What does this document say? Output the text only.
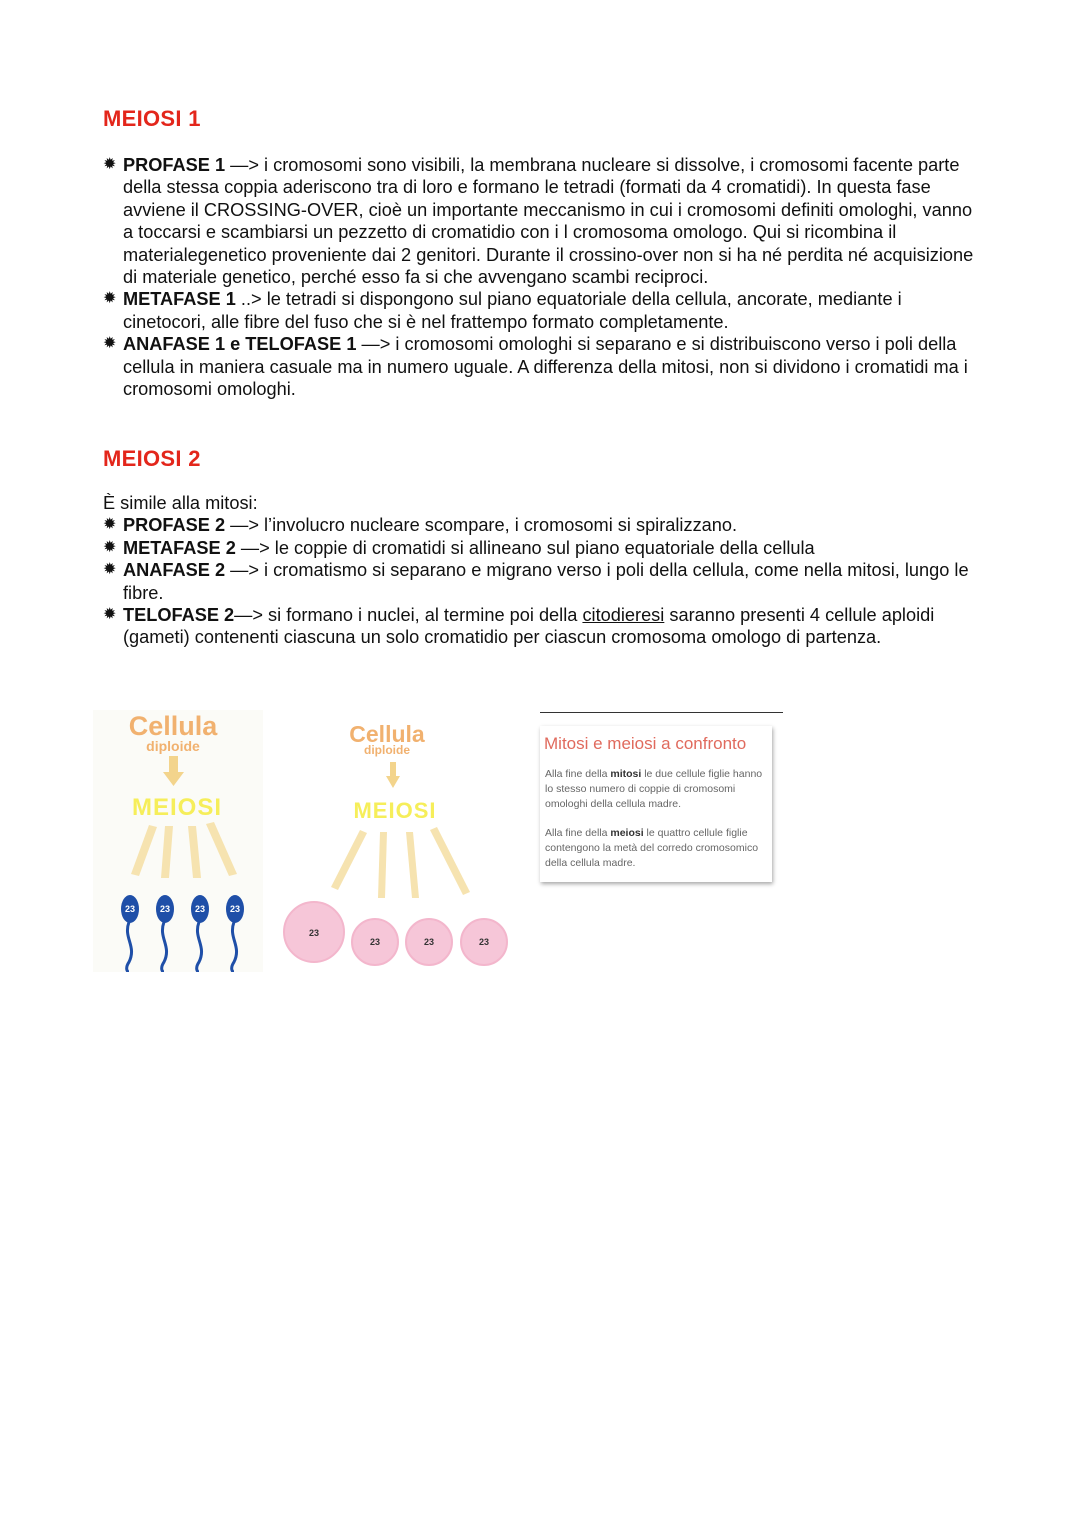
MEIOSI 1
✹ PROFASE 1 —> i cromosomi sono visibili, la membrana nucleare si dissolve, i cromosomi facente parte della stessa coppia aderiscono tra di loro e formano le tetradi (formati da 4 cromatidi). In questa fase avviene il CROSSING-OVER, cioè un importante meccanismo in cui i cromosomi definiti omologhi, vanno a toccarsi e scambiarsi un pezzetto di cromatidio con i l cromosoma omologo. Qui si ricombina il materialegenetico proveniente dai 2 genitori. Durante il crossino-over non si ha né perdita né acquisizione di materiale genetico, perché esso fa si che avvengano scambi reciproci.
✹ METAFASE 1 ..> le tetradi si dispongono sul piano equatoriale della cellula, ancorate, mediante i cinetocori, alle fibre del fuso che si è nel frattempo formato completamente.
✹ ANAFASE 1 e TELOFASE 1 —> i cromosomi omologhi si separano e si distribuiscono verso i poli della cellula in maniera casuale ma in numero uguale. A differenza della mitosi, non si dividono i cromatidi ma i cromosomi omologhi.
MEIOSI 2

È simile alla mitosi:

✹ PROFASE 2 —> l’involucro nucleare scompare, i cromosomi si spiralizzano.
✹ METAFASE 2 —> le coppie di cromatidi si allineano sul piano equatoriale della cellula
✹ ANAFASE 2 —> i cromatismo si separano e migrano verso i poli della cellula, come nella mitosi, lungo le fibre.
✹ TELOFASE 2—> si formano i nuclei, al termine poi della citodieresi saranno presenti 4 cellule aploidi (gameti) contenenti ciascuna un solo cromatidio per ciascun cromosoma omologo di partenza.
Cellula
diploide
23	23	23	23
MEIOSI
Cellula
diploide
23
23	23	23
MEIOSI
Mitosi e meiosi a confronto
Alla fine della mitosi le due cellule figlie hanno lo stesso numero di coppie di cromosomi omologhi della cellula madre.
Alla fine della meiosi le quattro cellule figlie contengono la metà del corredo cromosomico della cellula madre.
